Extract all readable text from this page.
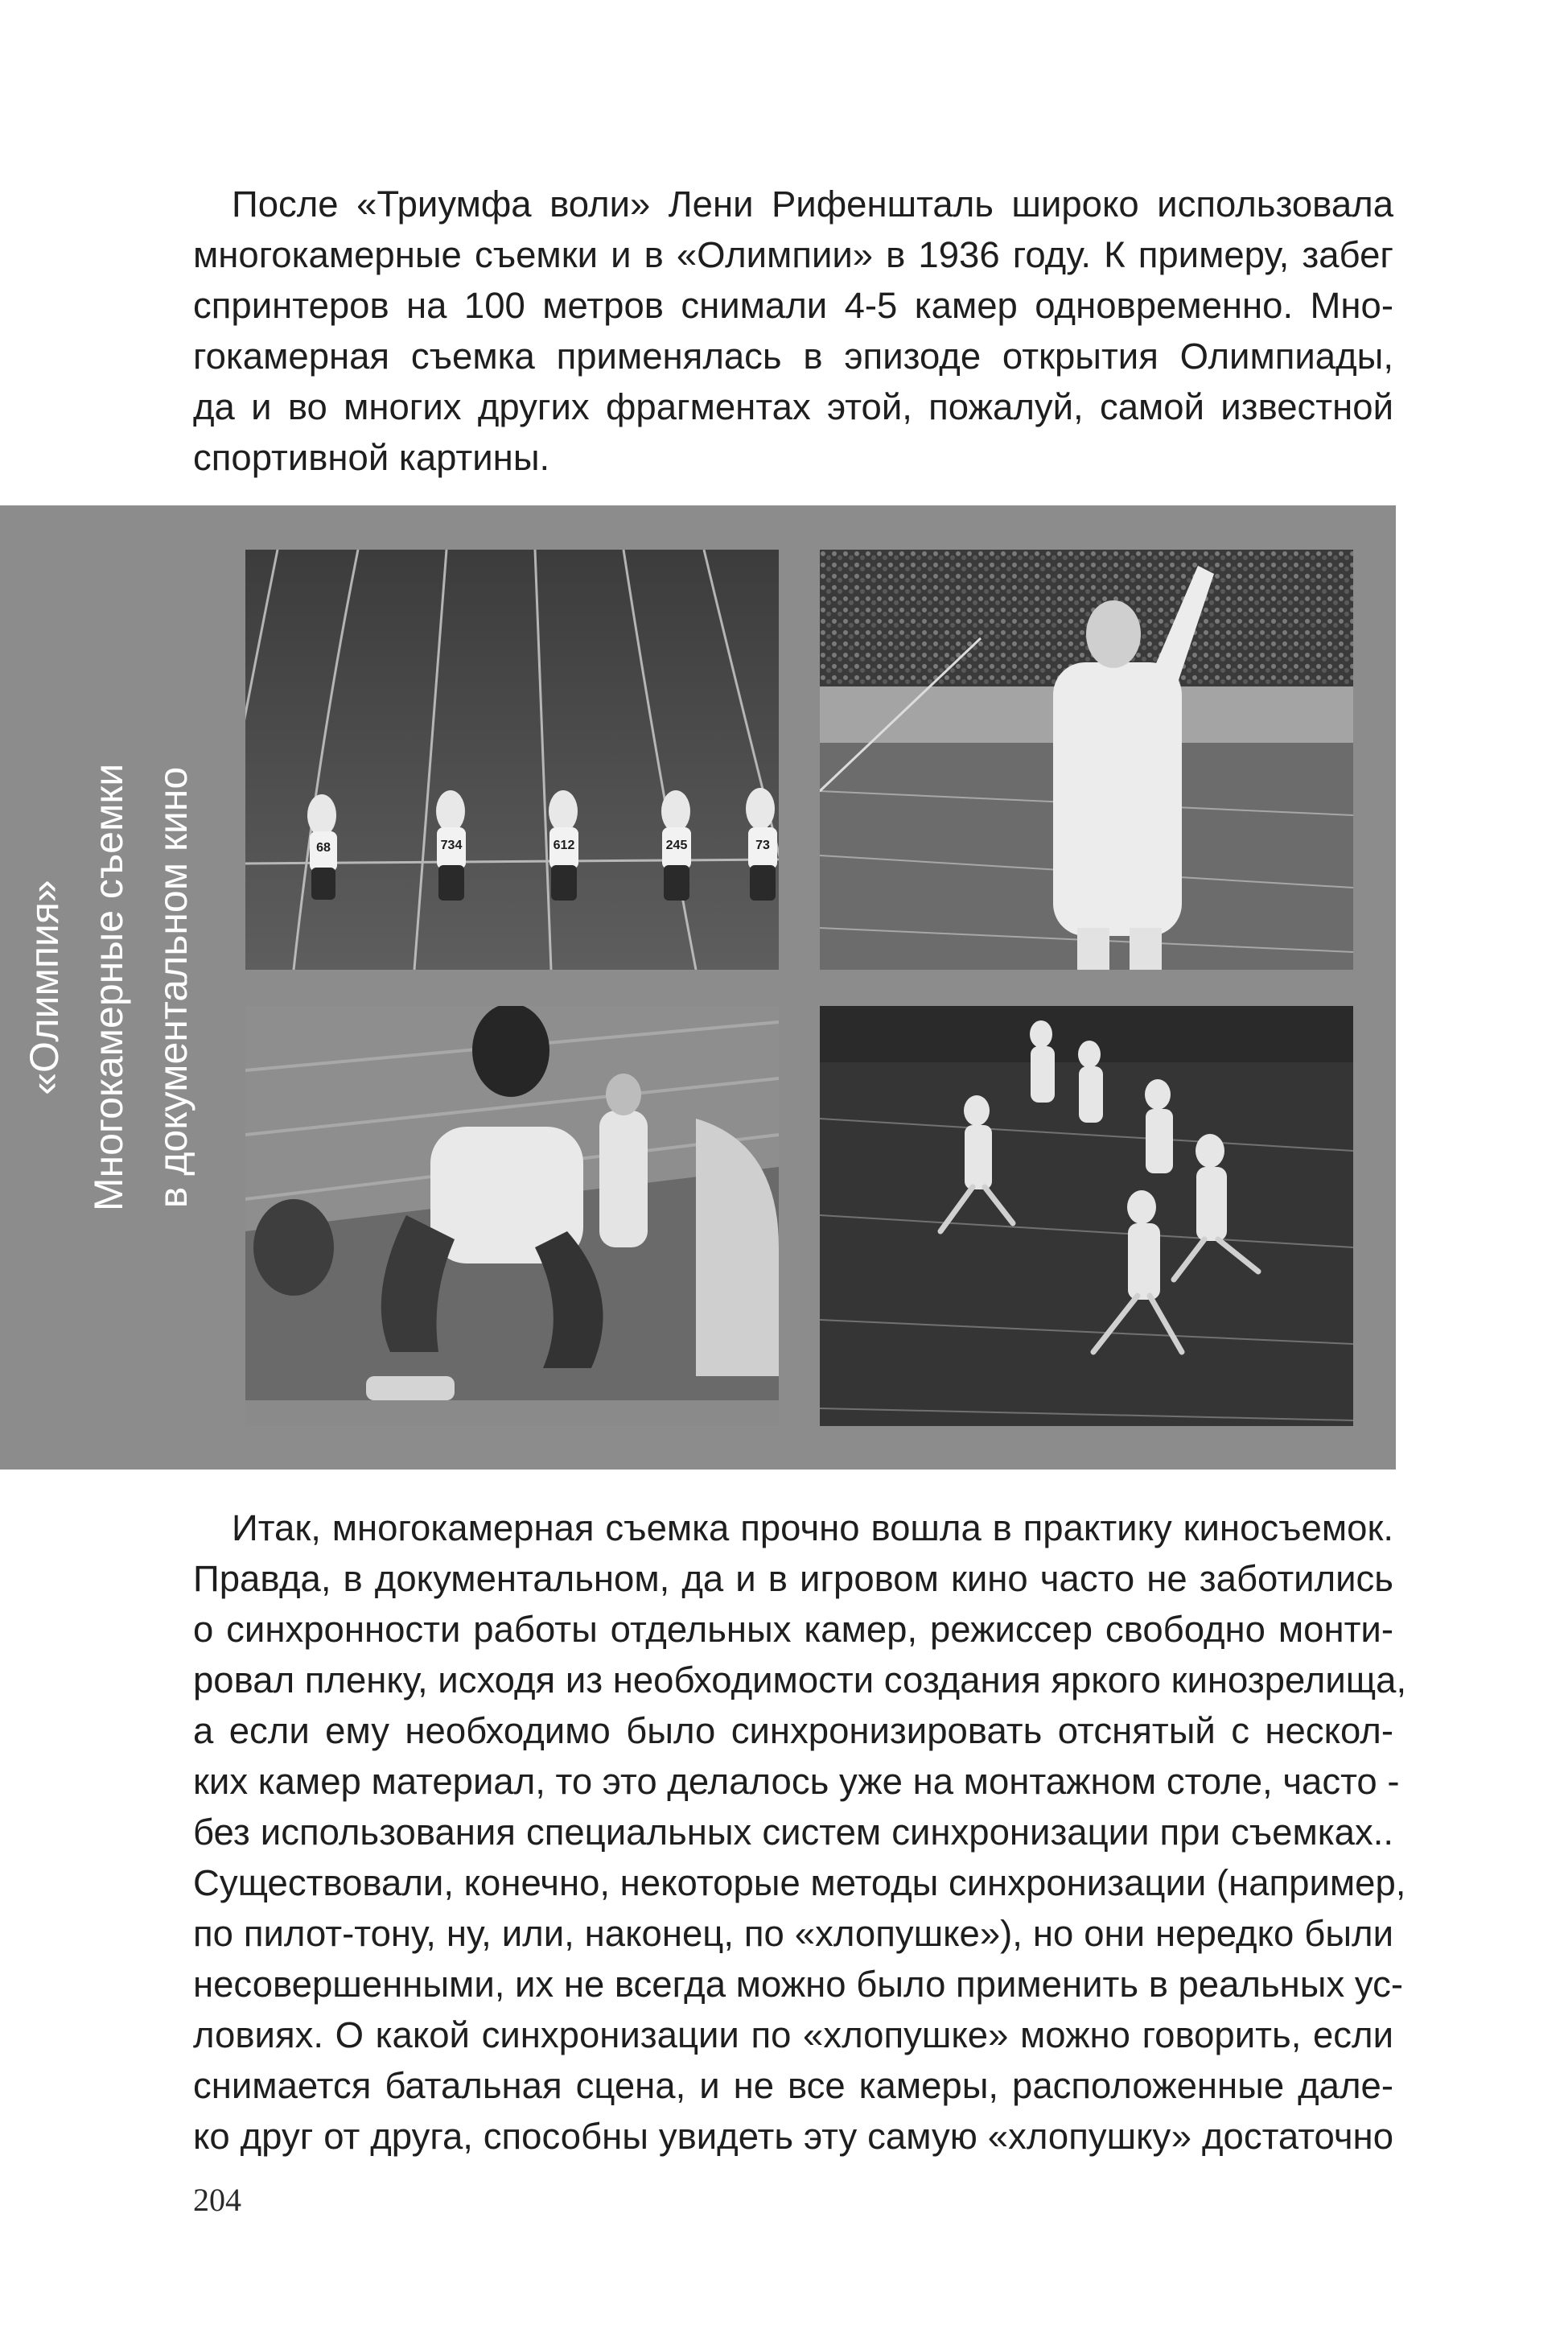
После «Триумфа воли» Лени Рифеншталь широко использовала
многокамерные съемки и в «Олимпии» в 1936 году. К примеру, забег
спринтеров на 100 метров снимали 4-5 камер одновременно. Мно-
гокамерная съемка применялась в эпизоде открытия Олимпиады,
да и во многих других фрагментах этой, пожалуй, самой известной
спортивной картины.
«Олимпия» Многокамерные съемки в документальном кино	68	734	612	245	73
Итак, многокамерная съемка прочно вошла в практику киносъемок.
Правда, в документальном, да и в игровом кино часто не заботились
о синхронности работы отдельных камер, режиссер свободно монти-
ровал пленку, исходя из необходимости создания яркого кинозрелища,
а если ему необходимо было синхронизировать отснятый с нескол-
ких камер материал, то это делалось уже на монтажном столе, часто -
без использования специальных систем синхронизации при съемках..
Существовали, конечно, некоторые методы синхронизации (например,
по пилот-тону, ну, или, наконец, по «хлопушке»), но они нередко были
несовершенными, их не всегда можно было применить в реальных ус-
ловиях. О какой синхронизации по «хлопушке» можно говорить, если
снимается батальная сцена, и не все камеры, расположенные дале-
ко друг от друга, способны увидеть эту самую «хлопушку» достаточно
204
